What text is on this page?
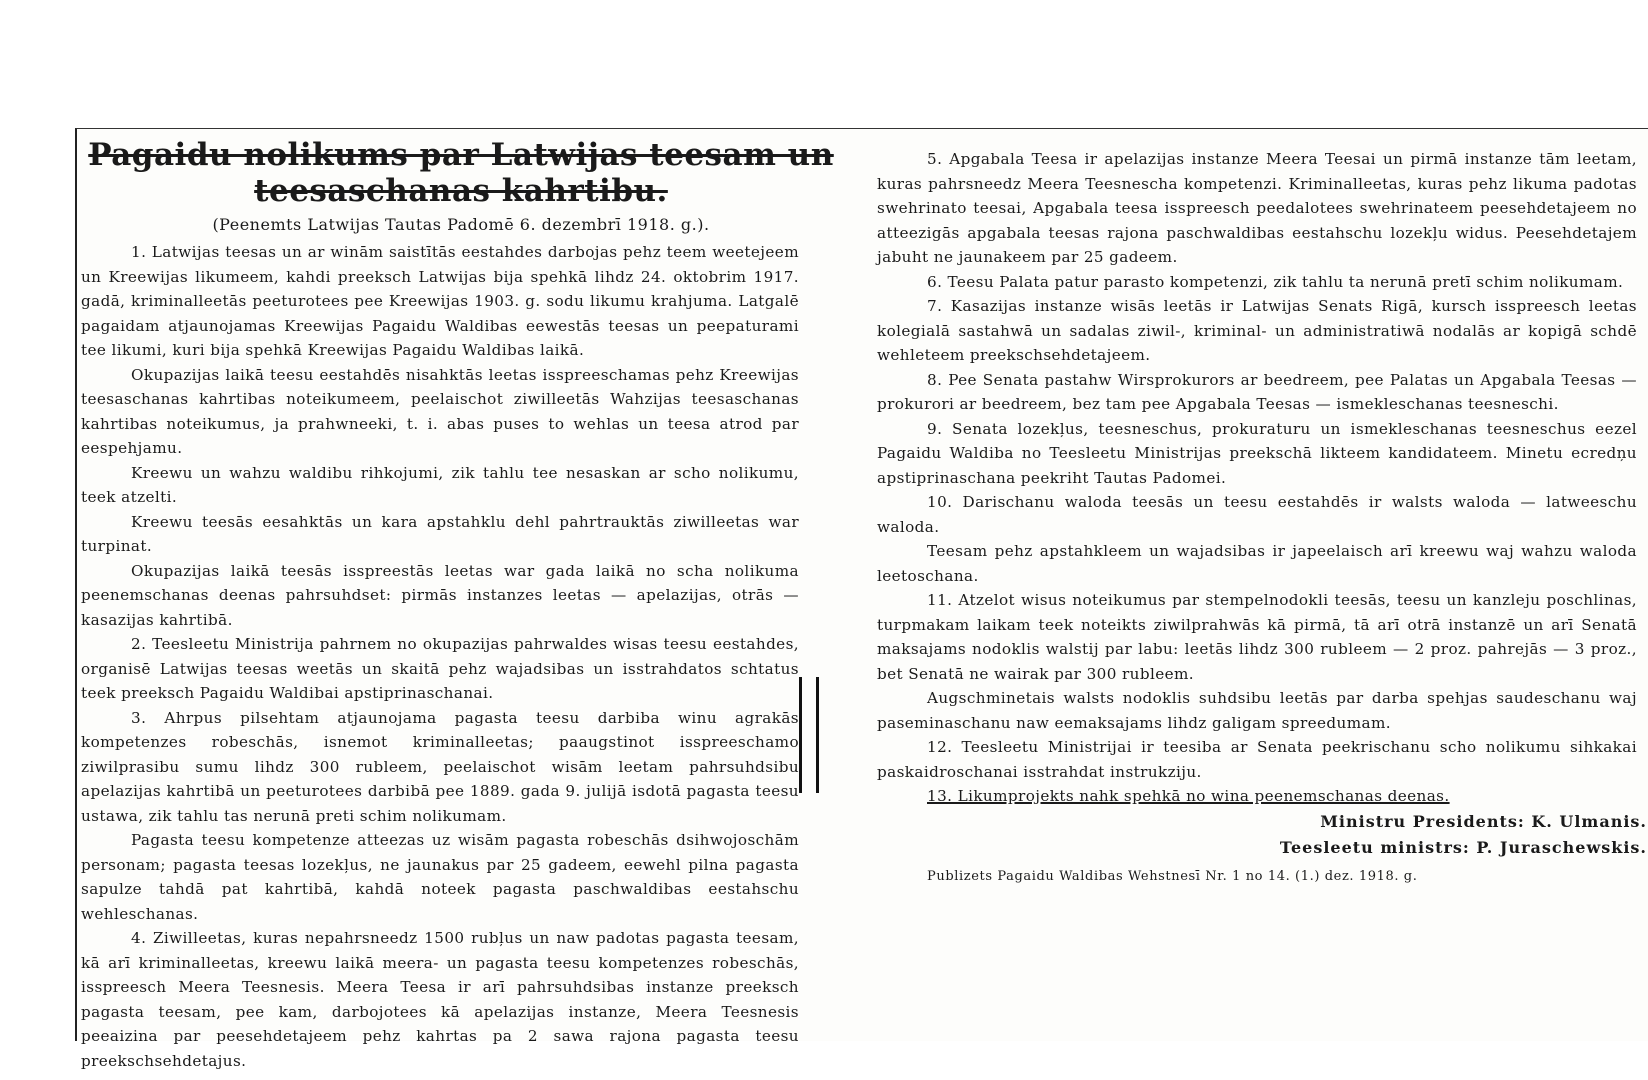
Pagaidu nolikums par Latwijas teesam un teesaschanas kahrtibu.

(Peenemts Latwijas Tautas Padomē 6. dezembrī 1918. g.).

1. Latwijas teesas un ar winām saistītās eestahdes darbojas pehz teem weetejeem un Kreewijas likumeem, kahdi preeksch Latwijas bija spehkā lihdz 24. oktobrim 1917. gadā, kriminalleetās peeturotees pee Kreewijas 1903. g. sodu likumu krahjuma. Latgalē pagaidam atjaunojamas Kreewijas Pagaidu Waldibas eewestās teesas un peepaturami tee likumi, kuri bija spehkā Kreewijas Pagaidu Waldibas laikā.

Okupazijas laikā teesu eestahdēs nisahktās leetas isspreeschamas pehz Kreewijas teesaschanas kahrtibas noteikumeem, peelaischot ziwilleetās Wahzijas teesaschanas kahrtibas noteikumus, ja prahwneeki, t. i. abas puses to wehlas un teesa atrod par eespehjamu.

Kreewu un wahzu waldibu rihkojumi, zik tahlu tee nesaskan ar scho nolikumu, teek atzelti.

Kreewu teesās eesahktās un kara apstahklu dehl pahrtrauktās ziwilleetas war turpinat.

Okupazijas laikā teesās isspreestās leetas war gada laikā no scha nolikuma peenemschanas deenas pahrsuhdset: pirmās instanzes leetas — apelazijas, otrās — kasazijas kahrtibā.

2. Teesleetu Ministrija pahrnem no okupazijas pahrwaldes wisas teesu eestahdes, organisē Latwijas teesas weetās un skaitā pehz wajadsibas un isstrahdatos schtatus teek preeksch Pagaidu Waldibai apstiprinaschanai.

3. Ahrpus pilsehtam atjaunojama pagasta teesu darbiba winu agrakās kompetenzes robeschās, isnemot kriminalleetas; paaugstinot isspreeschamo ziwilprasibu sumu lihdz 300 rubleem, peelaischot wisām leetam pahrsuhdsibu apelazijas kahrtibā un peeturotees darbibā pee 1889. gada 9. julijā isdotā pagasta teesu ustawa, zik tahlu tas nerunā preti schim nolikumam.

Pagasta teesu kompetenze atteezas uz wisām pagasta robeschās dsihwojoschām personam; pagasta teesas lozekļus, ne jaunakus par 25 gadeem, eewehl pilna pagasta sapulze tahdā pat kahrtibā, kahdā noteek pagasta paschwaldibas eestahschu wehleschanas.

4. Ziwilleetas, kuras nepahrsneedz 1500 rubļus un naw padotas pagasta teesam, kā arī kriminalleetas, kreewu laikā meera- un pagasta teesu kompetenzes robeschās, isspreesch Meera Teesnesis. Meera Teesa ir arī pahrsuhdsibas instanze preeksch pagasta teesam, pee kam, darbojotees kā apelazijas instanze, Meera Teesnesis peeaizina par peesehdetajeem pehz kahrtas pa 2 sawa rajona pagasta teesu preekschsehdetajus.

5. Apgabala Teesa ir apelazijas instanze Meera Teesai un pirmā instanze tām leetam, kuras pahrsneedz Meera Teesnescha kompetenzi. Kriminalleetas, kuras pehz likuma padotas swehrinato teesai, Apgabala teesa isspreesch peedalotees swehrinateem peesehdetajeem no atteezigās apgabala teesas rajona paschwaldibas eestahschu lozekļu widus. Peesehdetajem jabuht ne jaunakeem par 25 gadeem.

6. Teesu Palata patur parasto kompetenzi, zik tahlu ta nerunā pretī schim nolikumam.

7. Kasazijas instanze wisās leetās ir Latwijas Senats Rigā, kursch isspreesch leetas kolegialā sastahwā un sadalas ziwil-, kriminal- un administratiwā nodalās ar kopigā schdē wehleteem preekschsehdetajeem.

8. Pee Senata pastahw Wirsprokurors ar beedreem, pee Palatas un Apgabala Teesas — prokurori ar beedreem, bez tam pee Apgabala Teesas — ismekleschanas teesneschi.

9. Senata lozekļus, teesneschus, prokuraturu un ismekleschanas teesneschus eezel Pagaidu Waldiba no Teesleetu Ministrijas preekschā likteem kandidateem. Minetu ecredņu apstiprinaschana peekriht Tautas Padomei.

10. Darischanu waloda teesās un teesu eestahdēs ir walsts waloda — latweeschu waloda.

Teesam pehz apstahkleem un wajadsibas ir japeelaisch arī kreewu waj wahzu waloda leetoschana.

11. Atzelot wisus noteikumus par stempelnodokli teesās, teesu un kanzleju poschlinas, turpmakam laikam teek noteikts ziwilprahwās kā pirmā, tā arī otrā instanzē un arī Senatā maksajams nodoklis walstij par labu: leetās lihdz 300 rubleem — 2 proz. pahrejās — 3 proz., bet Senatā ne wairak par 300 rubleem.

Augschminetais walsts nodoklis suhdsibu leetās par darba spehjas saudeschanu waj paseminaschanu naw eemaksajams lihdz galigam spreedumam.

12. Teesleetu Ministrijai ir teesiba ar Senata peekrischanu scho nolikumu sihkakai paskaidroschanai isstrahdat instrukziju.

13. Likumprojekts nahk spehkā no wina peenemschanas deenas.

Ministru Presidents: K. Ulmanis.

Teesleetu ministrs: P. Juraschewskis.

Publizets Pagaidu Waldibas Wehstnesī Nr. 1 no 14. (1.) dez. 1918. g.
